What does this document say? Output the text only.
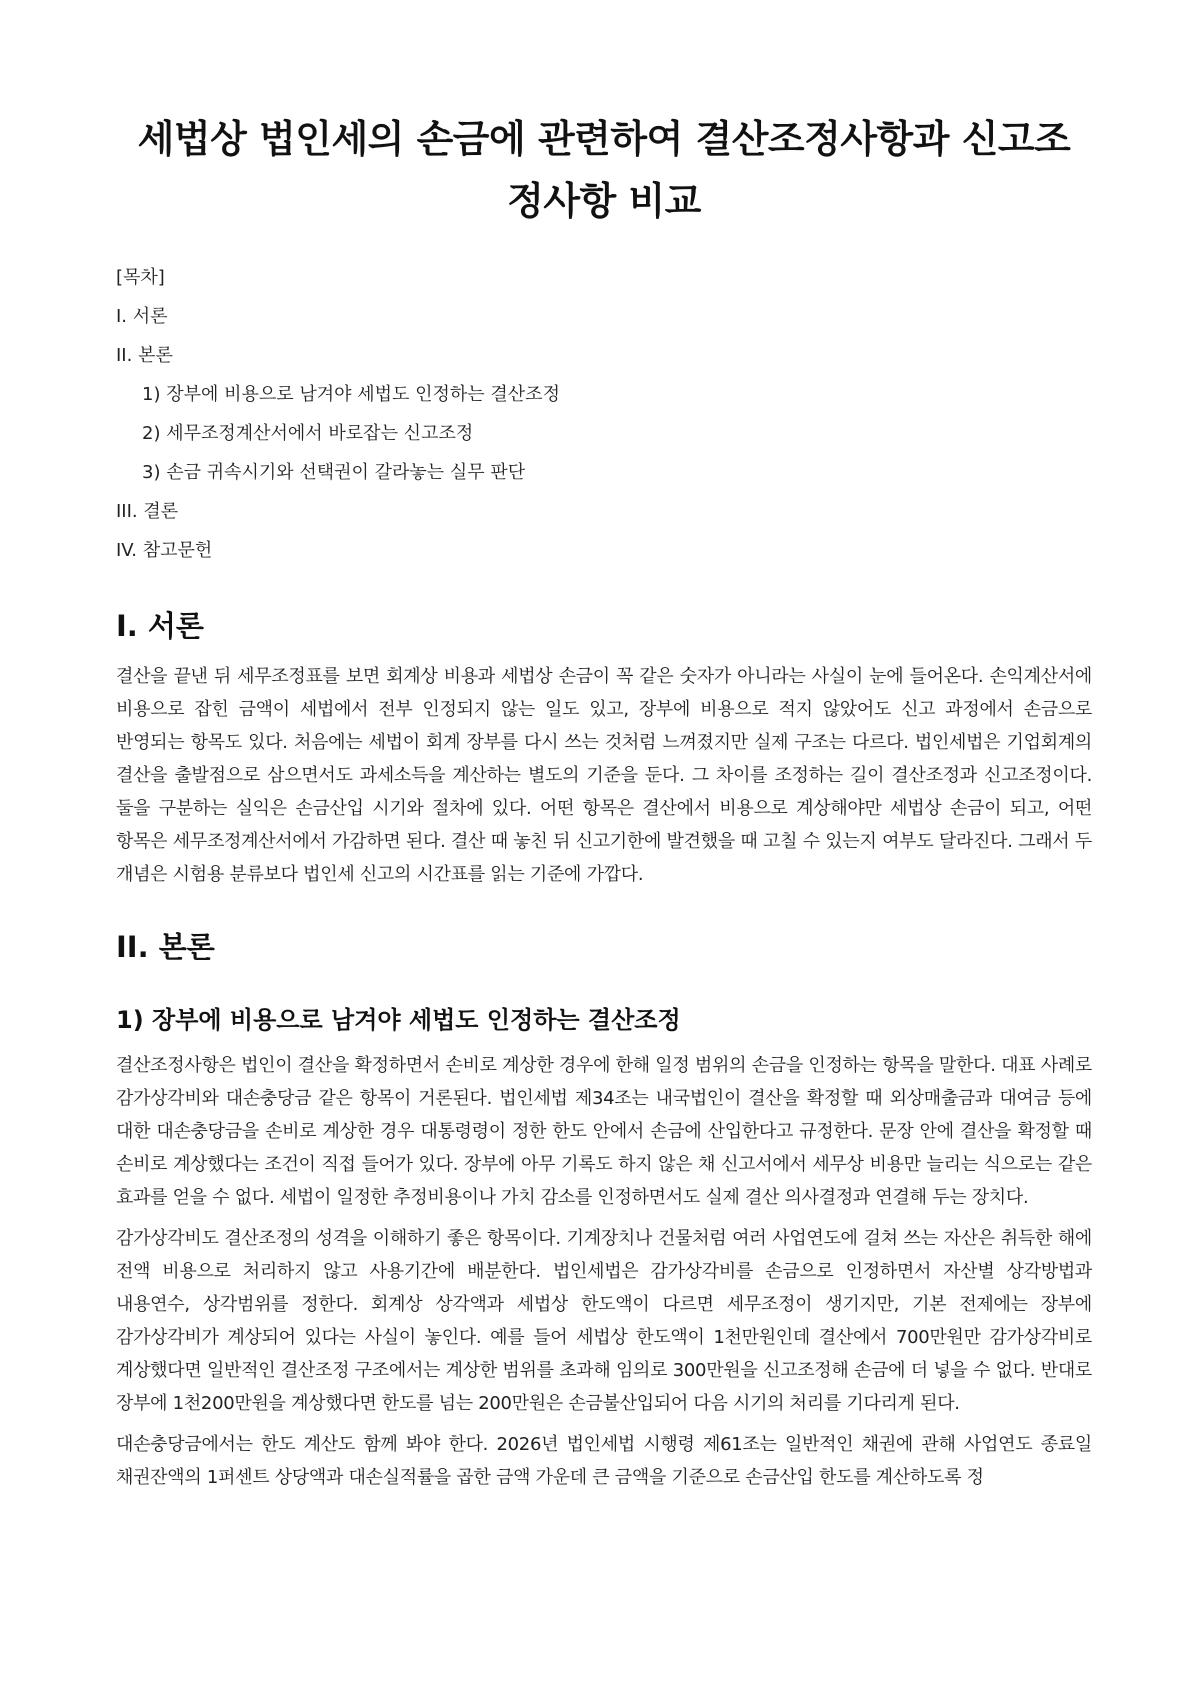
세법상 법인세의 손금에 관련하여 결산조정사항과 신고조정사항 비교
[목차]
I. 서론
II. 본론
1) 장부에 비용으로 남겨야 세법도 인정하는 결산조정
2) 세무조정계산서에서 바로잡는 신고조정
3) 손금 귀속시기와 선택권이 갈라놓는 실무 판단
III. 결론
IV. 참고문헌
I. 서론

결산을 끝낸 뒤 세무조정표를 보면 회계상 비용과 세법상 손금이 꼭 같은 숫자가 아니라는 사실이 눈에 들어온다. 손익계산서에 비용으로 잡힌 금액이 세법에서 전부 인정되지 않는 일도 있고, 장부에 비용으로 적지 않았어도 신고 과정에서 손금으로 반영되는 항목도 있다. 처음에는 세법이 회계 장부를 다시 쓰는 것처럼 느껴졌지만 실제 구조는 다르다. 법인세법은 기업회계의 결산을 출발점으로 삼으면서도 과세소득을 계산하는 별도의 기준을 둔다. 그 차이를 조정하는 길이 결산조정과 신고조정이다. 둘을 구분하는 실익은 손금산입 시기와 절차에 있다. 어떤 항목은 결산에서 비용으로 계상해야만 세법상 손금이 되고, 어떤 항목은 세무조정계산서에서 가감하면 된다. 결산 때 놓친 뒤 신고기한에 발견했을 때 고칠 수 있는지 여부도 달라진다. 그래서 두 개념은 시험용 분류보다 법인세 신고의 시간표를 읽는 기준에 가깝다.

II. 본론
1) 장부에 비용으로 남겨야 세법도 인정하는 결산조정

결산조정사항은 법인이 결산을 확정하면서 손비로 계상한 경우에 한해 일정 범위의 손금을 인정하는 항목을 말한다. 대표 사례로 감가상각비와 대손충당금 같은 항목이 거론된다. 법인세법 제34조는 내국법인이 결산을 확정할 때 외상매출금과 대여금 등에 대한 대손충당금을 손비로 계상한 경우 대통령령이 정한 한도 안에서 손금에 산입한다고 규정한다. 문장 안에 결산을 확정할 때 손비로 계상했다는 조건이 직접 들어가 있다. 장부에 아무 기록도 하지 않은 채 신고서에서 세무상 비용만 늘리는 식으로는 같은 효과를 얻을 수 없다. 세법이 일정한 추정비용이나 가치 감소를 인정하면서도 실제 결산 의사결정과 연결해 두는 장치다.

감가상각비도 결산조정의 성격을 이해하기 좋은 항목이다. 기계장치나 건물처럼 여러 사업연도에 걸쳐 쓰는 자산은 취득한 해에 전액 비용으로 처리하지 않고 사용기간에 배분한다. 법인세법은 감가상각비를 손금으로 인정하면서 자산별 상각방법과 내용연수, 상각범위를 정한다. 회계상 상각액과 세법상 한도액이 다르면 세무조정이 생기지만, 기본 전제에는 장부에 감가상각비가 계상되어 있다는 사실이 놓인다. 예를 들어 세법상 한도액이 1천만원인데 결산에서 700만원만 감가상각비로 계상했다면 일반적인 결산조정 구조에서는 계상한 범위를 초과해 임의로 300만원을 신고조정해 손금에 더 넣을 수 없다. 반대로 장부에 1천200만원을 계상했다면 한도를 넘는 200만원은 손금불산입되어 다음 시기의 처리를 기다리게 된다.

대손충당금에서는 한도 계산도 함께 봐야 한다. 2026년 법인세법 시행령 제61조는 일반적인 채권에 관해 사업연도 종료일 채권잔액의 1퍼센트 상당액과 대손실적률을 곱한 금액 가운데 큰 금액을 기준으로 손금산입 한도를 계산하도록 정
